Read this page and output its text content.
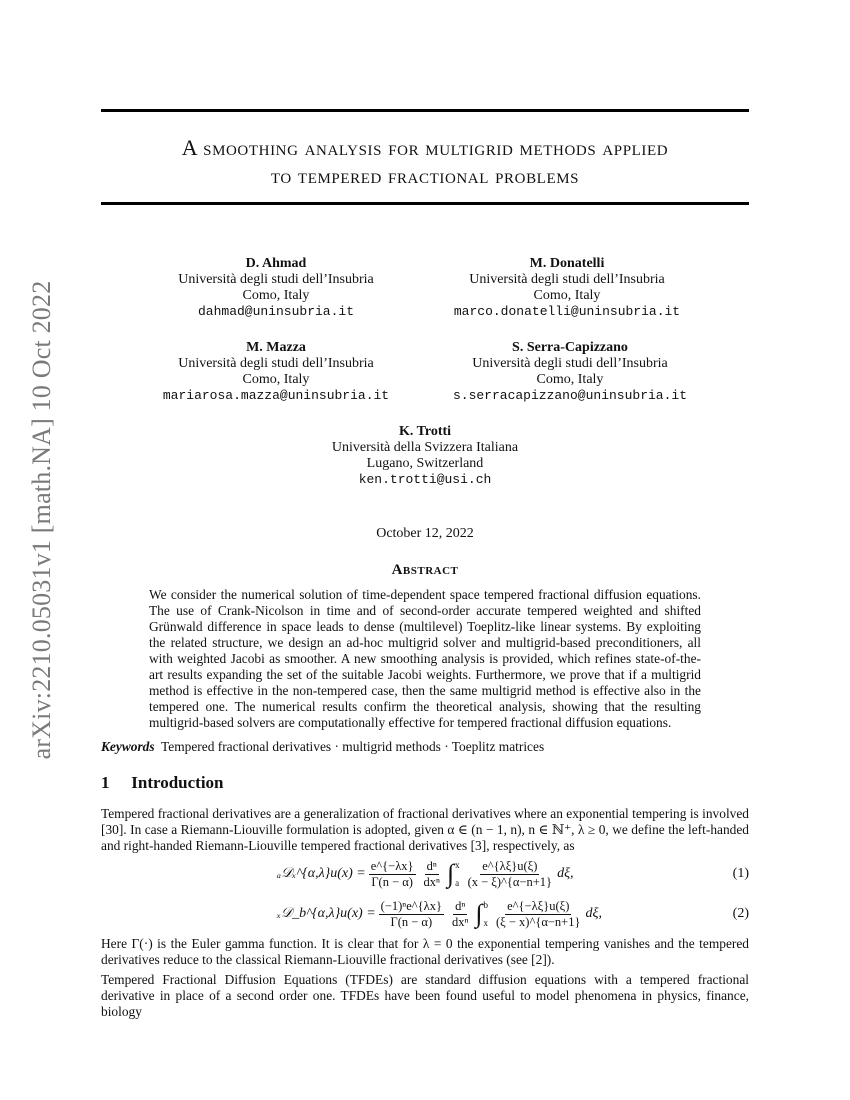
arXiv:2210.05031v1 [math.NA] 10 Oct 2022
A smoothing analysis for multigrid methods applied
to tempered fractional problems
D. Ahmad
Università degli studi dell’Insubria
Como, Italy
dahmad@uninsubria.it
M. Donatelli
Università degli studi dell’Insubria
Como, Italy
marco.donatelli@uninsubria.it
M. Mazza
Università degli studi dell’Insubria
Como, Italy
mariarosa.mazza@uninsubria.it
S. Serra-Capizzano
Università degli studi dell’Insubria
Como, Italy
s.serracapizzano@uninsubria.it
K. Trotti
Università della Svizzera Italiana
Lugano, Switzerland
ken.trotti@usi.ch
October 12, 2022
Abstract
We consider the numerical solution of time-dependent space tempered fractional diffusion equations. The use of Crank-Nicolson in time and of second-order accurate tempered weighted and shifted Grünwald difference in space leads to dense (multilevel) Toeplitz-like linear systems. By exploiting the related structure, we design an ad-hoc multigrid solver and multigrid-based preconditioners, all with weighted Jacobi as smoother. A new smoothing analysis is provided, which refines state-of-the-art results expanding the set of the suitable Jacobi weights. Furthermore, we prove that if a multigrid method is effective in the non-tempered case, then the same multigrid method is effective also in the tempered one. The numerical results confirm the theoretical analysis, showing that the resulting multigrid-based solvers are computationally effective for tempered fractional diffusion equations.
Keywords Tempered fractional derivatives · multigrid methods · Toeplitz matrices
1 Introduction
Tempered fractional derivatives are a generalization of fractional derivatives where an exponential tempering is involved [30]. In case a Riemann-Liouville formulation is adopted, given α ∈ (n − 1, n), n ∈ ℕ⁺, λ ≥ 0, we define the left-handed and right-handed Riemann-Liouville tempered fractional derivatives [3], respectively, as
ₐ𝒟ₓ^{α,λ}u(x) = $\frac{e\^{}\{-\lambda x\}}{\Gamma(n - \alpha)} \frac{\text{dⁿ}}{\text{dxⁿ}}$ ∫ x
a $\frac{e\^{}\{\lambda\xi\}u(\xi)}{(x - \xi)\^{}\{\alpha-n+1\}} d\xi$,	(1)
ₓ𝒟_b^{α,λ}u(x) = $\frac{\text{(−1)ⁿe\textasciicircum{}\{λx\}}}{\Gamma(n - \alpha)} \frac{\text{dⁿ}}{\text{dxⁿ}}$ ∫ b
x $\frac{e\^{}\{-\lambda\xi\}u(\xi)}{(\xi - x)\^{}\{\alpha-n+1\}} d\xi$,	(2)
Here Γ(·) is the Euler gamma function. It is clear that for λ = 0 the exponential tempering vanishes and the tempered derivatives reduce to the classical Riemann-Liouville fractional derivatives (see [2]).
Tempered Fractional Diffusion Equations (TFDEs) are standard diffusion equations with a tempered fractional derivative in place of a second order one. TFDEs have been found useful to model phenomena in physics, finance, biology
